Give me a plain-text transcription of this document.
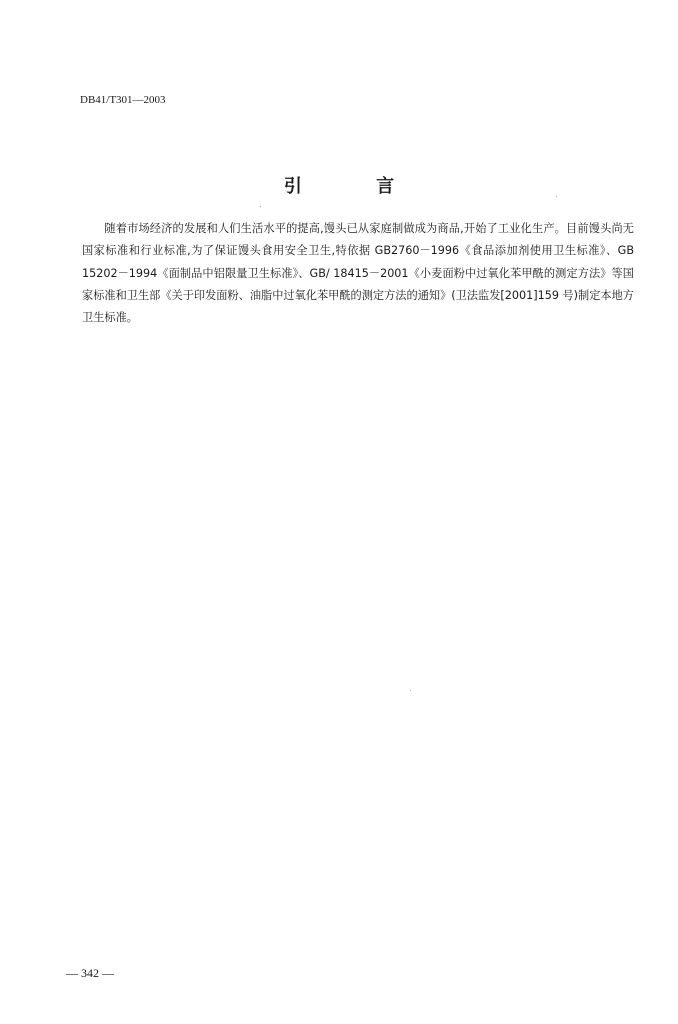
DB41/T301—2003
引 言
随着市场经济的发展和人们生活水平的提高,馒头已从家庭制做成为商品,开始了工业化生产。目前馒头尚无国家标准和行业标准,为了保证馒头食用安全卫生,特依据 GB2760－1996《食品添加剂使用卫生标准》、GB 15202－1994《面制品中铝限量卫生标准》、GB/ 18415－2001《小麦面粉中过氧化苯甲酰的测定方法》等国家标准和卫生部《关于印发面粉、油脂中过氧化苯甲酰的测定方法的通知》(卫法监发[2001]159 号)制定本地方卫生标准。
— 342 —
